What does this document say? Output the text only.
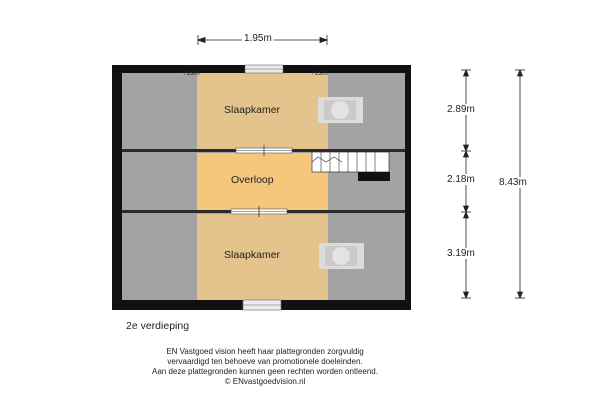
+1500	+1500
Slaapkamer
Overloop
Slaapkamer
1.95m
2.89m
2.18m
3.19m
8.43m
2e verdieping
EN Vastgoed vision heeft haar plattegronden zorgvuldig
vervaardigd ten behoeve van promotionele doeleinden.
Aan deze plattegronden kunnen geen rechten worden ontleend.
© ENvastgoedvision.nl
